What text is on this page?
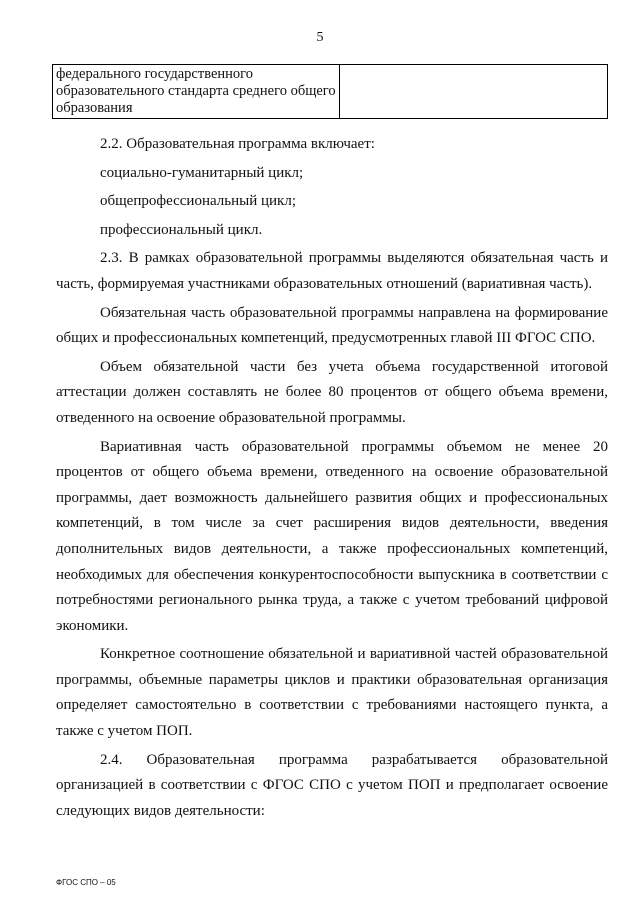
5
федерального государственного образовательного стандарта среднего общего образования	

2.2. Образовательная программа включает:

социально-гуманитарный цикл;

общепрофессиональный цикл;

профессиональный цикл.

2.3. В рамках образовательной программы выделяются обязательная часть и часть, формируемая участниками образовательных отношений (вариативная часть).

Обязательная часть образовательной программы направлена на формирование общих и профессиональных компетенций, предусмотренных главой III ФГОС СПО.

Объем обязательной части без учета объема государственной итоговой аттестации должен составлять не более 80 процентов от общего объема времени, отведенного на освоение образовательной программы.

Вариативная часть образовательной программы объемом не менее 20 процентов от общего объема времени, отведенного на освоение образовательной программы, дает возможность дальнейшего развития общих и профессиональных компетенций, в том числе за счет расширения видов деятельности, введения дополнительных видов деятельности, а также профессиональных компетенций, необходимых для обеспечения конкурентоспособности выпускника в соответствии с потребностями регионального рынка труда, а также с учетом требований цифровой экономики.

Конкретное соотношение обязательной и вариативной частей образовательной программы, объемные параметры циклов и практики образовательная организация определяет самостоятельно в соответствии с требованиями настоящего пункта, а также с учетом ПОП.

2.4. Образовательная программа разрабатывается образовательной организацией в соответствии с ФГОС СПО с учетом ПОП и предполагает освоение следующих видов деятельности:

ФГОС СПО – 05
